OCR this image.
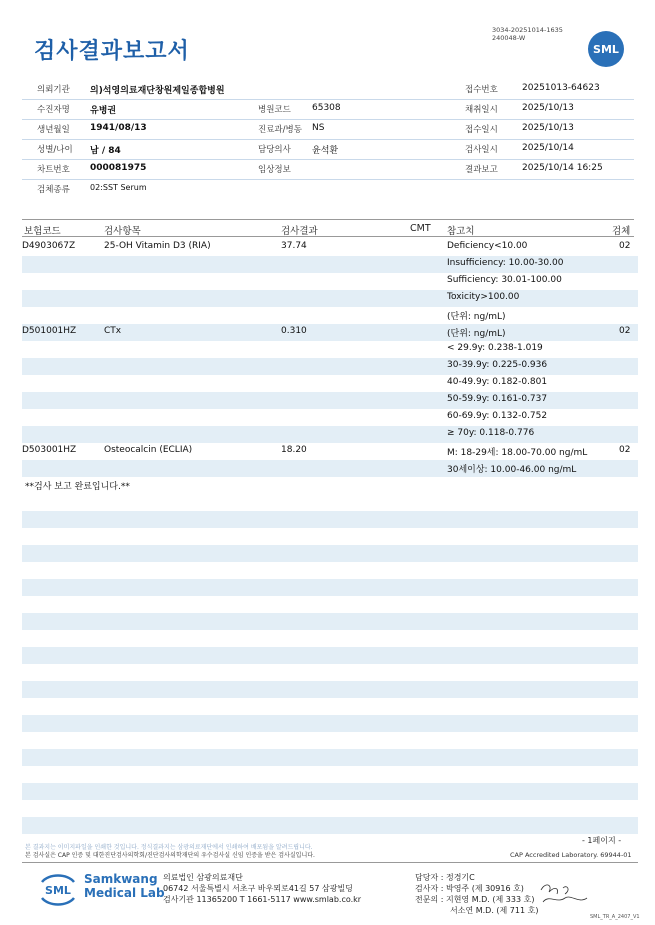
검사결과보고서
3034-20251014-1635
240048-W
SML
의뢰기관 의)석영의료재단창원제일종합병원	접수번호	20251013-64623
수진자명 유병권	병원코드 65308	채취일시	2025/10/13
생년월일 1941/08/13	진료과/병동 NS	접수일시	2025/10/13
성별/나이 남 / 84	담당의사 윤석환	검사일시	2025/10/14
차트번호 000081975	임상정보	결과보고	2025/10/14 16:25
검체종류	02:SST Serum
보험코드	검사항목	검사결과	CMT 참고치	검체
D4903067Z	25-OH Vitamin D3 (RIA)	37.74	Deficiency<10.00	02
Insufficiency: 10.00-30.00
Sufficiency: 30.01-100.00
Toxicity>100.00
(단위: ng/mL)
D501001HZ	CTx	0.310	(단위: ng/mL)	02
< 29.9y: 0.238-1.019
30-39.9y: 0.225-0.936
40-49.9y: 0.182-0.801
50-59.9y: 0.161-0.737
60-69.9y: 0.132-0.752
≥ 70y: 0.118-0.776
D503001HZ	Osteocalcin (ECLIA)	18.20	M: 18-29세: 18.00-70.00 ng/mL	02
30세이상: 10.00-46.00 ng/mL
**검사 보고 완료입니다.**
본 결과지는 이미지파일을 인쇄한 것입니다. 정식결과지는 삼광의료재단에서 인쇄하여 배포됨을 알려드립니다.
본 검사실은 CAP 인증 및 대한진단검사의학회/진단검사의학재단의 우수검사실 신임 인증을 받은 검사실입니다.
- 1페이지 -
CAP Accredited Laboratory. 69944-01
SML
Samkwang
Medical Lab
의료법인 삼광의료재단
06742 서울특별시 서초구 바우뫼로41길 57 삼광빌딩
검사기관 11365200 T 1661-5117 www.smlab.co.kr
담당자 : 정경기C
검사자 : 박영주 (제 30916 호)
전문의 : 지현영 M.D. (제 333 호)
서소연 M.D. (제 711 호)
SML_TR_A_2407_V1
